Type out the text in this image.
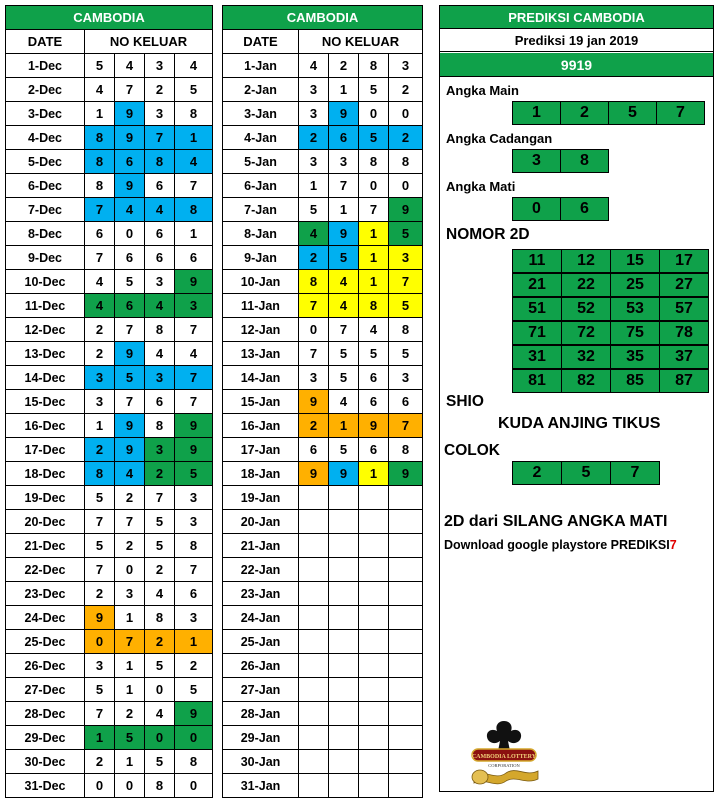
CAMBODIA				
DATE	NO KELUAR			
1-Dec	5	4	3	4
2-Dec	4	7	2	5
3-Dec	1	9	3	8
4-Dec	8	9	7	1
5-Dec	8	6	8	4
6-Dec	8	9	6	7
7-Dec	7	4	4	8
8-Dec	6	0	6	1
9-Dec	7	6	6	6
10-Dec	4	5	3	9
11-Dec	4	6	4	3
12-Dec	2	7	8	7
13-Dec	2	9	4	4
14-Dec	3	5	3	7
15-Dec	3	7	6	7
16-Dec	1	9	8	9
17-Dec	2	9	3	9
18-Dec	8	4	2	5
19-Dec	5	2	7	3
20-Dec	7	7	5	3
21-Dec	5	2	5	8
22-Dec	7	0	2	7
23-Dec	2	3	4	6
24-Dec	9	1	8	3
25-Dec	0	7	2	1
26-Dec	3	1	5	2
27-Dec	5	1	0	5
28-Dec	7	2	4	9
29-Dec	1	5	0	0
30-Dec	2	1	5	8
31-Dec	0	0	8	0
CAMBODIA				
DATE	NO KELUAR			
1-Jan	4	2	8	3
2-Jan	3	1	5	2
3-Jan	3	9	0	0
4-Jan	2	6	5	2
5-Jan	3	3	8	8
6-Jan	1	7	0	0
7-Jan	5	1	7	9
8-Jan	4	9	1	5
9-Jan	2	5	1	3
10-Jan	8	4	1	7
11-Jan	7	4	8	5
12-Jan	0	7	4	8
13-Jan	7	5	5	5
14-Jan	3	5	6	3
15-Jan	9	4	6	6
16-Jan	2	1	9	7
17-Jan	6	5	6	8
18-Jan	9	9	1	9
19-Jan				
20-Jan				
21-Jan				
22-Jan				
23-Jan				
24-Jan				
25-Jan				
26-Jan				
27-Jan				
28-Jan				
29-Jan				
30-Jan				
31-Jan				
PREDIKSI CAMBODIA
Prediksi 19 jan 2019
9919
Angka Main
1	2	5	7
Angka Cadangan
3	8
Angka Mati
0	6
NOMOR 2D
11	12	15	17
21	22	25	27
51	52	53	57
71	72	75	78
31	32	35	37
81	82	85	87
SHIO
KUDA ANJING TIKUS
COLOK
2	5	7
2D dari SILANG ANGKA MATI
Download google playstore PREDIKSI7
CAMBODIA LOTTERY
CORPORATION
